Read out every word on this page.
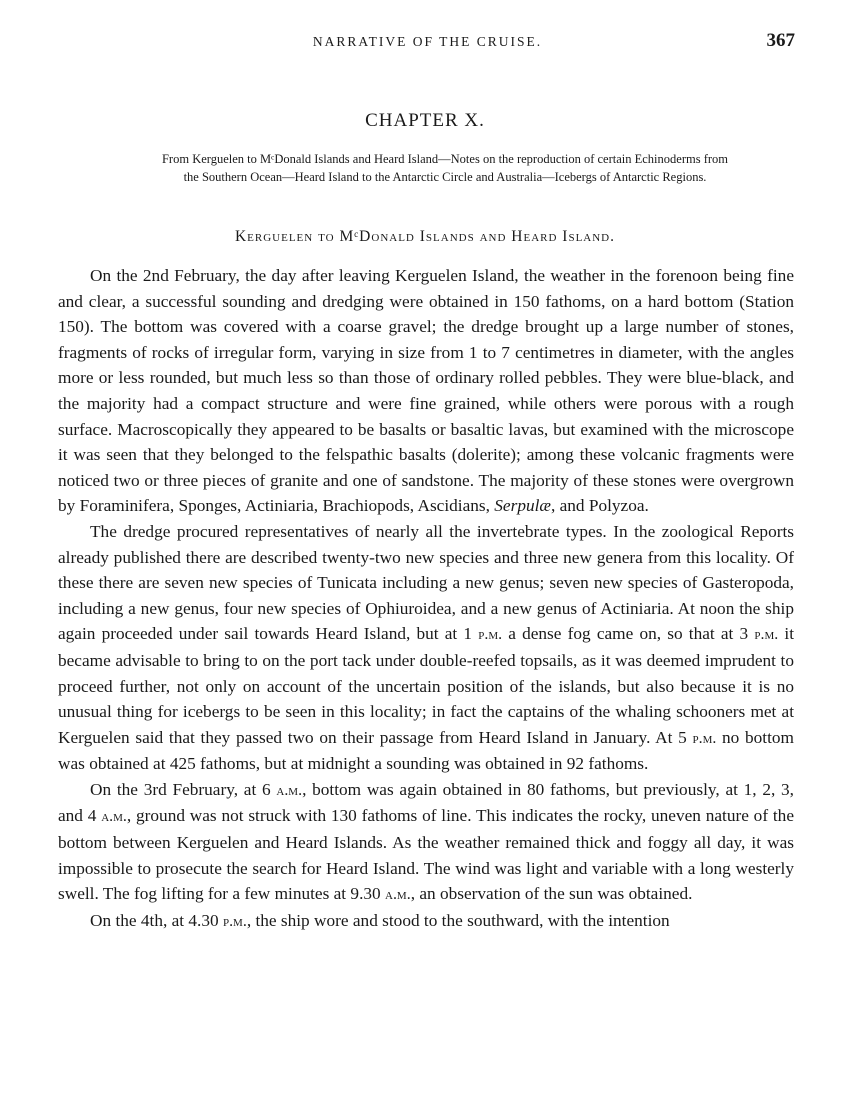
NARRATIVE OF THE CRUISE.	367
CHAPTER X.
From Kerguelen to MᶜDonald Islands and Heard Island—Notes on the reproduction of certain Echinoderms from
the Southern Ocean—Heard Island to the Antarctic Circle and Australia—Icebergs of Antarctic Regions.
Kerguelen to MᶜDonald Islands and Heard Island.

On the 2nd February, the day after leaving Kerguelen Island, the weather in the forenoon being fine and clear, a successful sounding and dredging were obtained in 150 fathoms, on a hard bottom (Station 150). The bottom was covered with a coarse gravel; the dredge brought up a large number of stones, fragments of rocks of irregular form, varying in size from 1 to 7 centimetres in diameter, with the angles more or less rounded, but much less so than those of ordinary rolled pebbles. They were blue-black, and the majority had a compact structure and were fine grained, while others were porous with a rough surface. Macroscopically they appeared to be basalts or basaltic lavas, but examined with the microscope it was seen that they belonged to the felspathic basalts (dolerite); among these volcanic fragments were noticed two or three pieces of granite and one of sandstone. The majority of these stones were overgrown by Foraminifera, Sponges, Actiniaria, Brachiopods, Ascidians, Serpulæ, and Polyzoa.

The dredge procured representatives of nearly all the invertebrate types. In the zoological Reports already published there are described twenty-two new species and three new genera from this locality. Of these there are seven new species of Tunicata including a new genus; seven new species of Gasteropoda, including a new genus, four new species of Ophiuroidea, and a new genus of Actiniaria. At noon the ship again proceeded under sail towards Heard Island, but at 1 p.m. a dense fog came on, so that at 3 p.m. it became advisable to bring to on the port tack under double-reefed topsails, as it was deemed imprudent to proceed further, not only on account of the uncertain position of the islands, but also because it is no unusual thing for icebergs to be seen in this locality; in fact the captains of the whaling schooners met at Kerguelen said that they passed two on their passage from Heard Island in January. At 5 p.m. no bottom was obtained at 425 fathoms, but at midnight a sounding was obtained in 92 fathoms.

On the 3rd February, at 6 a.m., bottom was again obtained in 80 fathoms, but previously, at 1, 2, 3, and 4 a.m., ground was not struck with 130 fathoms of line. This indicates the rocky, uneven nature of the bottom between Kerguelen and Heard Islands. As the weather remained thick and foggy all day, it was impossible to prosecute the search for Heard Island. The wind was light and variable with a long westerly swell. The fog lifting for a few minutes at 9.30 a.m., an observation of the sun was obtained.

On the 4th, at 4.30 p.m., the ship wore and stood to the southward, with the intention
